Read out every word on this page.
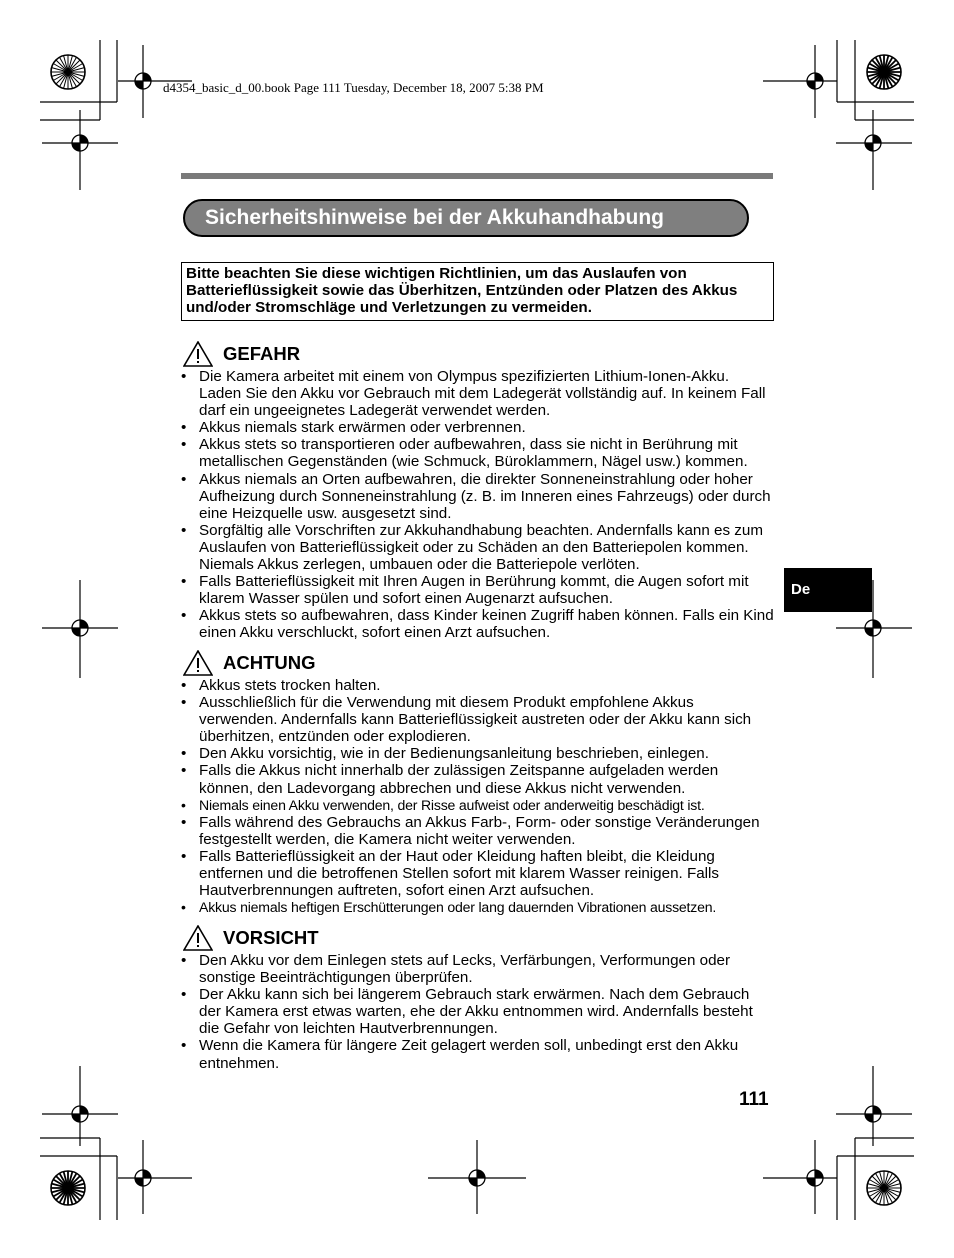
d4354_basic_d_00.book Page 111 Tuesday, December 18, 2007 5:38 PM
Sicherheitshinweise bei der Akkuhandhabung
Bitte beachten Sie diese wichtigen Richtlinien, um das Auslaufen von Batterieflüssigkeit sowie das Überhitzen, Entzünden oder Platzen des Akkus und/oder Stromschläge und Verletzungen zu vermeiden.
GEFAHR
• Die Kamera arbeitet mit einem von Olympus spezifizierten Lithium-Ionen-Akku. Laden Sie den Akku vor Gebrauch mit dem Ladegerät vollständig auf. In keinem Fall darf ein ungeeignetes Ladegerät verwendet werden.
• Akkus niemals stark erwärmen oder verbrennen.
• Akkus stets so transportieren oder aufbewahren, dass sie nicht in Berührung mit metallischen Gegenständen (wie Schmuck, Büroklammern, Nägel usw.) kommen.
• Akkus niemals an Orten aufbewahren, die direkter Sonneneinstrahlung oder hoher Aufheizung durch Sonneneinstrahlung (z. B. im Inneren eines Fahrzeugs) oder durch eine Heizquelle usw. ausgesetzt sind.
• Sorgfältig alle Vorschriften zur Akkuhandhabung beachten. Andernfalls kann es zum Auslaufen von Batterieflüssigkeit oder zu Schäden an den Batteriepolen kommen. Niemals Akkus zerlegen, umbauen oder die Batteriepole verlöten.
• Falls Batterieflüssigkeit mit Ihren Augen in Berührung kommt, die Augen sofort mit klarem Wasser spülen und sofort einen Augenarzt aufsuchen.
• Akkus stets so aufbewahren, dass Kinder keinen Zugriff haben können. Falls ein Kind einen Akku verschluckt, sofort einen Arzt aufsuchen.
ACHTUNG
• Akkus stets trocken halten.
• Ausschließlich für die Verwendung mit diesem Produkt empfohlene Akkus verwenden. Andernfalls kann Batterieflüssigkeit austreten oder der Akku kann sich überhitzen, entzünden oder explodieren.
• Den Akku vorsichtig, wie in der Bedienungsanleitung beschrieben, einlegen.
• Falls die Akkus nicht innerhalb der zulässigen Zeitspanne aufgeladen werden können, den Ladevorgang abbrechen und diese Akkus nicht verwenden.
• Niemals einen Akku verwenden, der Risse aufweist oder anderweitig beschädigt ist.
• Falls während des Gebrauchs an Akkus Farb-, Form- oder sonstige Veränderungen festgestellt werden, die Kamera nicht weiter verwenden.
• Falls Batterieflüssigkeit an der Haut oder Kleidung haften bleibt, die Kleidung entfernen und die betroffenen Stellen sofort mit klarem Wasser reinigen. Falls Hautverbrennungen auftreten, sofort einen Arzt aufsuchen.
• Akkus niemals heftigen Erschütterungen oder lang dauernden Vibrationen aussetzen.
VORSICHT
• Den Akku vor dem Einlegen stets auf Lecks, Verfärbungen, Verformungen oder sonstige Beeinträchtigungen überprüfen.
• Der Akku kann sich bei längerem Gebrauch stark erwärmen. Nach dem Gebrauch der Kamera erst etwas warten, ehe der Akku entnommen wird. Andernfalls besteht die Gefahr von leichten Hautverbrennungen.
• Wenn die Kamera für längere Zeit gelagert werden soll, unbedingt erst den Akku entnehmen.
De
111
